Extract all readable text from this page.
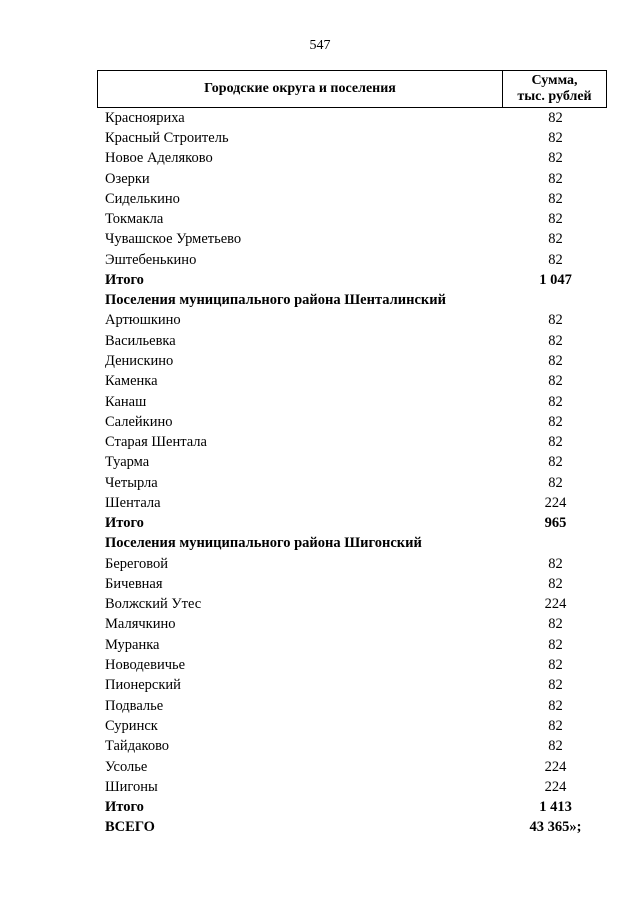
547
Городские округа и поселения
Сумма,
тыс. рублей
Краснояриха	82
Красный Строитель	82
Новое Аделяково	82
Озерки	82
Сиделькино	82
Токмакла	82
Чувашское Урметьево	82
Эштебенькино	82
Итого	1 047
Поселения муниципального района Шенталинский
Артюшкино	82
Васильевка	82
Денискино	82
Каменка	82
Канаш	82
Салейкино	82
Старая Шентала	82
Туарма	82
Четырла	82
Шентала	224
Итого	965
Поселения муниципального района Шигонский
Береговой	82
Бичевная	82
Волжский Утес	224
Малячкино	82
Муранка	82
Новодевичье	82
Пионерский	82
Подвалье	82
Суринск	82
Тайдаково	82
Усолье	224
Шигоны	224
Итого	1 413
ВСЕГО	43 365»;
